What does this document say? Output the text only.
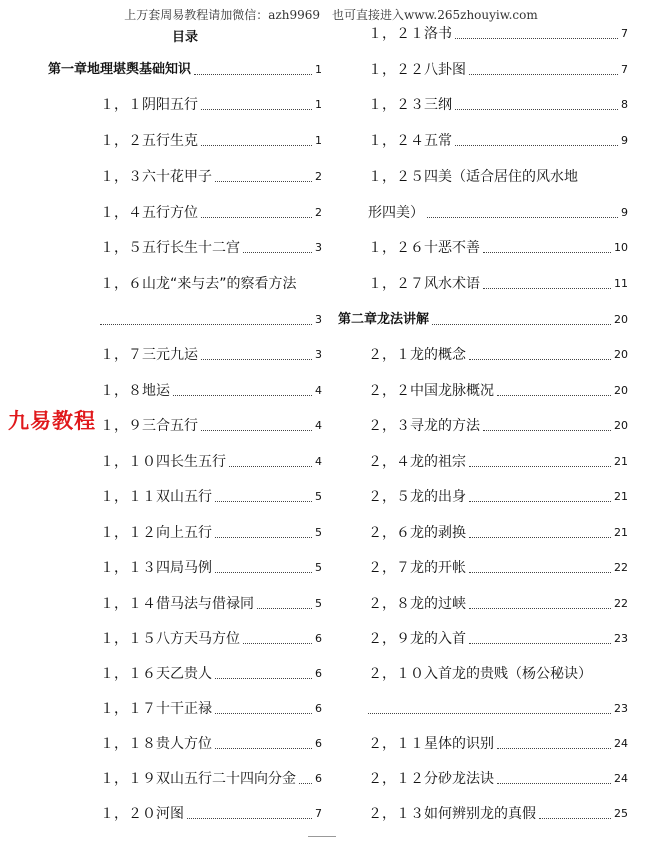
上万套周易教程请加微信：azh9969　也可直接进入www.265zhouyiw.com
目录
第一章地理堪舆基础知识	1
１，１阴阳五行	1
１，２五行生克	1
１，３六十花甲子	2
１，４五行方位	2
１，５五行长生十二宫	3
１，６山龙“来与去”的察看方法
3
１，７三元九运	3
１，８地运	4
１，９三合五行	4
１，１０四长生五行	4
１，１１双山五行	5
１，１２向上五行	5
１，１３四局马例	5
１，１４借马法与借禄同	5
１，１５八方天马方位	6
１，１６天乙贵人	6
１，１７十干正禄	6
１，１８贵人方位	6
１，１９双山五行二十四向分金 6
１，２０河图	7
１，２１洛书	7
１，２２八卦图	7
１，２３三纲	8
１，２４五常	9
１，２５四美（适合居住的风水地
形四美）	9
１，２６十恶不善	10
１，２７风水术语	11
第二章龙法讲解	20
２，１龙的概念	20
２，２中国龙脉概况	20
２，３寻龙的方法	20
２，４龙的祖宗	21
２，５龙的出身	21
２，６龙的剥换	21
２，７龙的开帐	22
２，８龙的过峡	22
２，９龙的入首	23
２，１０入首龙的贵贱（杨公秘诀）
23
２，１１星体的识别	24
２，１２分砂龙法诀	24
２，１３如何辨别龙的真假	25
九易教程
